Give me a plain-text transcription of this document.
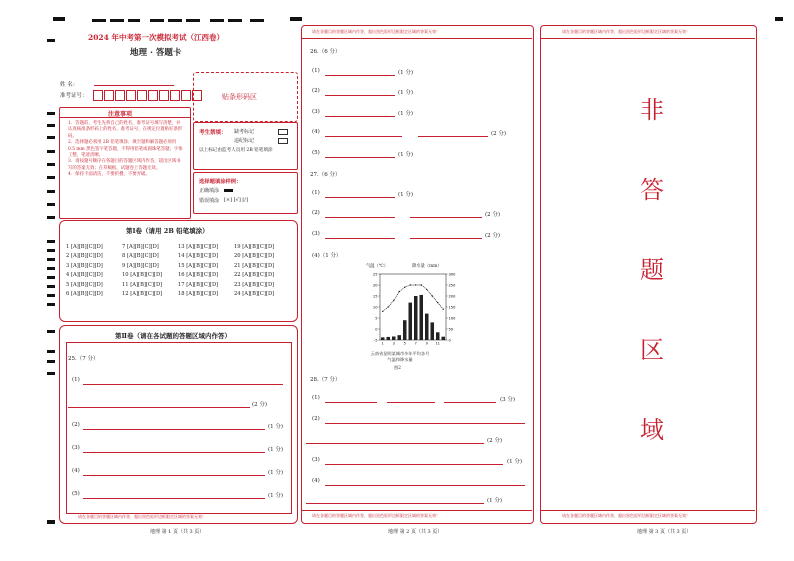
2024 年中考第一次模拟考试（江西卷）
地理 · 答题卡
姓 名：
准考证号：	贴条形码区
注意事项
1．答题前，考生先将自己的姓名，准考证号填写清楚，并认真核准条形码上的姓名、准考证号，在规定位置贴好条形码。
2．选择题必须用 2B 铅笔填涂；填空题和解答题必须用 0.5 mm 黑色签字笔答题，不得用铅笔或圆珠笔答题；字体工整、笔迹清晰。
3．请按题号顺序在各题目的答题区域内作答，超出区域书写的答案无效；在草稿纸、试题卷上答题无效。
4．保持卡面清洁，不要折叠、不要弄破。
考生禁填： 缺考标记
违纪标记
以上标记由监考人员用 2B 铅笔填涂
选择题填涂样例：
正确填涂
错误填涂 [×] [√] [/]
第Ⅰ卷（请用 2B 铅笔填涂）
1 [A][B][C][D]	7 [A][B][C][D]	13 [A][B][C][D]	19 [A][B][C][D]
2 [A][B][C][D]	8 [A][B][C][D]	14 [A][B][C][D]	20 [A][B][C][D]
3 [A][B][C][D]	9 [A][B][C][D]	15 [A][B][C][D]	21 [A][B][C][D]
4 [A][B][C][D]	10 [A][B][C][D]	16 [A][B][C][D]	22 [A][B][C][D]
5 [A][B][C][D]	11 [A][B][C][D]	17 [A][B][C][D]	23 [A][B][C][D]
6 [A][B][C][D]	12 [A][B][C][D]	18 [A][B][C][D]	24 [A][B][C][D]
第Ⅱ卷（请在各试题的答题区域内作答）
25.（7 分）
(1)
(2 分)
(2)	(1 分)
(3)	(1 分)
(4)	(1 分)
(5)	(1 分)
请在各题目的答题区域内作答，超出黑色矩形边框限定区域的答案无效！
地理 第 1 页（共 3 页）
请在各题目的答题区域内作答，超出黑色矩形边框限定区域的答案无效！
26.（6 分）
(1)	(1 分)
(2)	(1 分)
(3)	(1 分)
(4)	(2 分)
(5)	(1 分)
27.（6 分）
(1)	(1 分)
(2)	(2 分)
(3)	(2 分)
(4)（1 分）
气温（℃）	降水量（mm）
25
20
15
10
5
0
-5
300
250
200
150
100
50
0
1	3	5	7	9 11
云南省昆明某城市多年平均各月气温和降水量
图2
28.（7 分）
(1)	(3 分)
(2)
(2 分)
(3)	(1 分)
(4)
(1 分)
请在各题目的答题区域内作答，超出黑色矩形边框限定区域的答案无效！
地理 第 2 页（共 3 页）
请在各题目的答题区域内作答，超出黑色矩形边框限定区域的答案无效！
非
答
题
区
域
请在各题目的答题区域内作答，超出黑色矩形边框限定区域的答案无效！
地理 第 3 页（共 3 页）
